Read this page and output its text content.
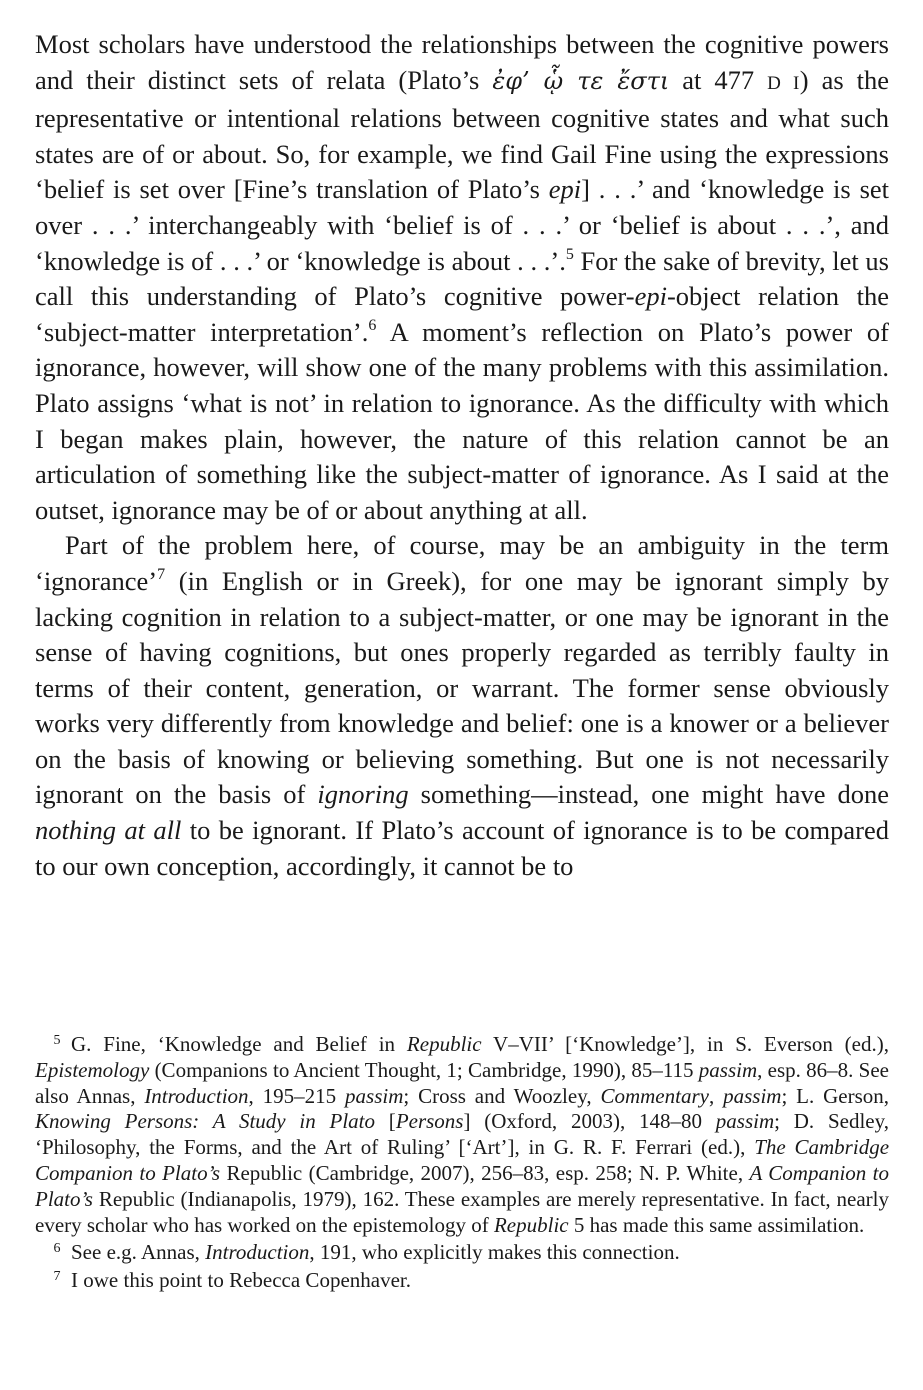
Most scholars have understood the relationships between the cognitive powers and their distinct sets of relata (Plato’s ἐφ’ ᾧ τε ἔστι at 477 D I) as the representative or intentional relations between cognitive states and what such states are of or about. So, for example, we find Gail Fine using the expressions ‘belief is set over [Fine’s translation of Plato’s epi] . . .’ and ‘knowledge is set over . . .’ interchangeably with ‘belief is of . . .’ or ‘belief is about . . .’, and ‘knowledge is of . . .’ or ‘knowledge is about . . .’.$^5$ For the sake of brevity, let us call this understanding of Plato’s cognitive power-epi-object relation the ‘subject-matter interpretation’.$^6$ A moment’s reflection on Plato’s power of ignorance, however, will show one of the many problems with this assimilation. Plato assigns ‘what is not’ in relation to ignorance. As the difficulty with which I began makes plain, however, the nature of this relation cannot be an articulation of something like the subject-matter of ignorance. As I said at the outset, ignorance may be of or about anything at all.

Part of the problem here, of course, may be an ambiguity in the term ‘ignorance’$^7$ (in English or in Greek), for one may be ignorant simply by lacking cognition in relation to a subject-matter, or one may be ignorant in the sense of having cognitions, but ones properly regarded as terribly faulty in terms of their content, generation, or warrant. The former sense obviously works very differently from knowledge and belief: one is a knower or a believer on the basis of knowing or believing something. But one is not necessarily ignorant on the basis of ignoring something—instead, one might have done nothing at all to be ignorant. If Plato’s account of ignorance is to be compared to our own conception, accordingly, it cannot be to

5 G. Fine, ‘Knowledge and Belief in Republic V–VII’ [‘Knowledge’], in S. Everson (ed.), Epistemology (Companions to Ancient Thought, 1; Cambridge, 1990), 85–115 passim, esp. 86–8. See also Annas, Introduction, 195–215 passim; Cross and Woozley, Commentary, passim; L. Gerson, Knowing Persons: A Study in Plato [Persons] (Oxford, 2003), 148–80 passim; D. Sedley, ‘Philosophy, the Forms, and the Art of Ruling’ [‘Art’], in G. R. F. Ferrari (ed.), The Cambridge Companion to Plato’s Republic (Cambridge, 2007), 256–83, esp. 258; N. P. White, A Companion to Plato’s Republic (Indianapolis, 1979), 162. These examples are merely representative. In fact, nearly every scholar who has worked on the epistemology of Republic 5 has made this same assimilation.

6 See e.g. Annas, Introduction, 191, who explicitly makes this connection.

7 I owe this point to Rebecca Copenhaver.
